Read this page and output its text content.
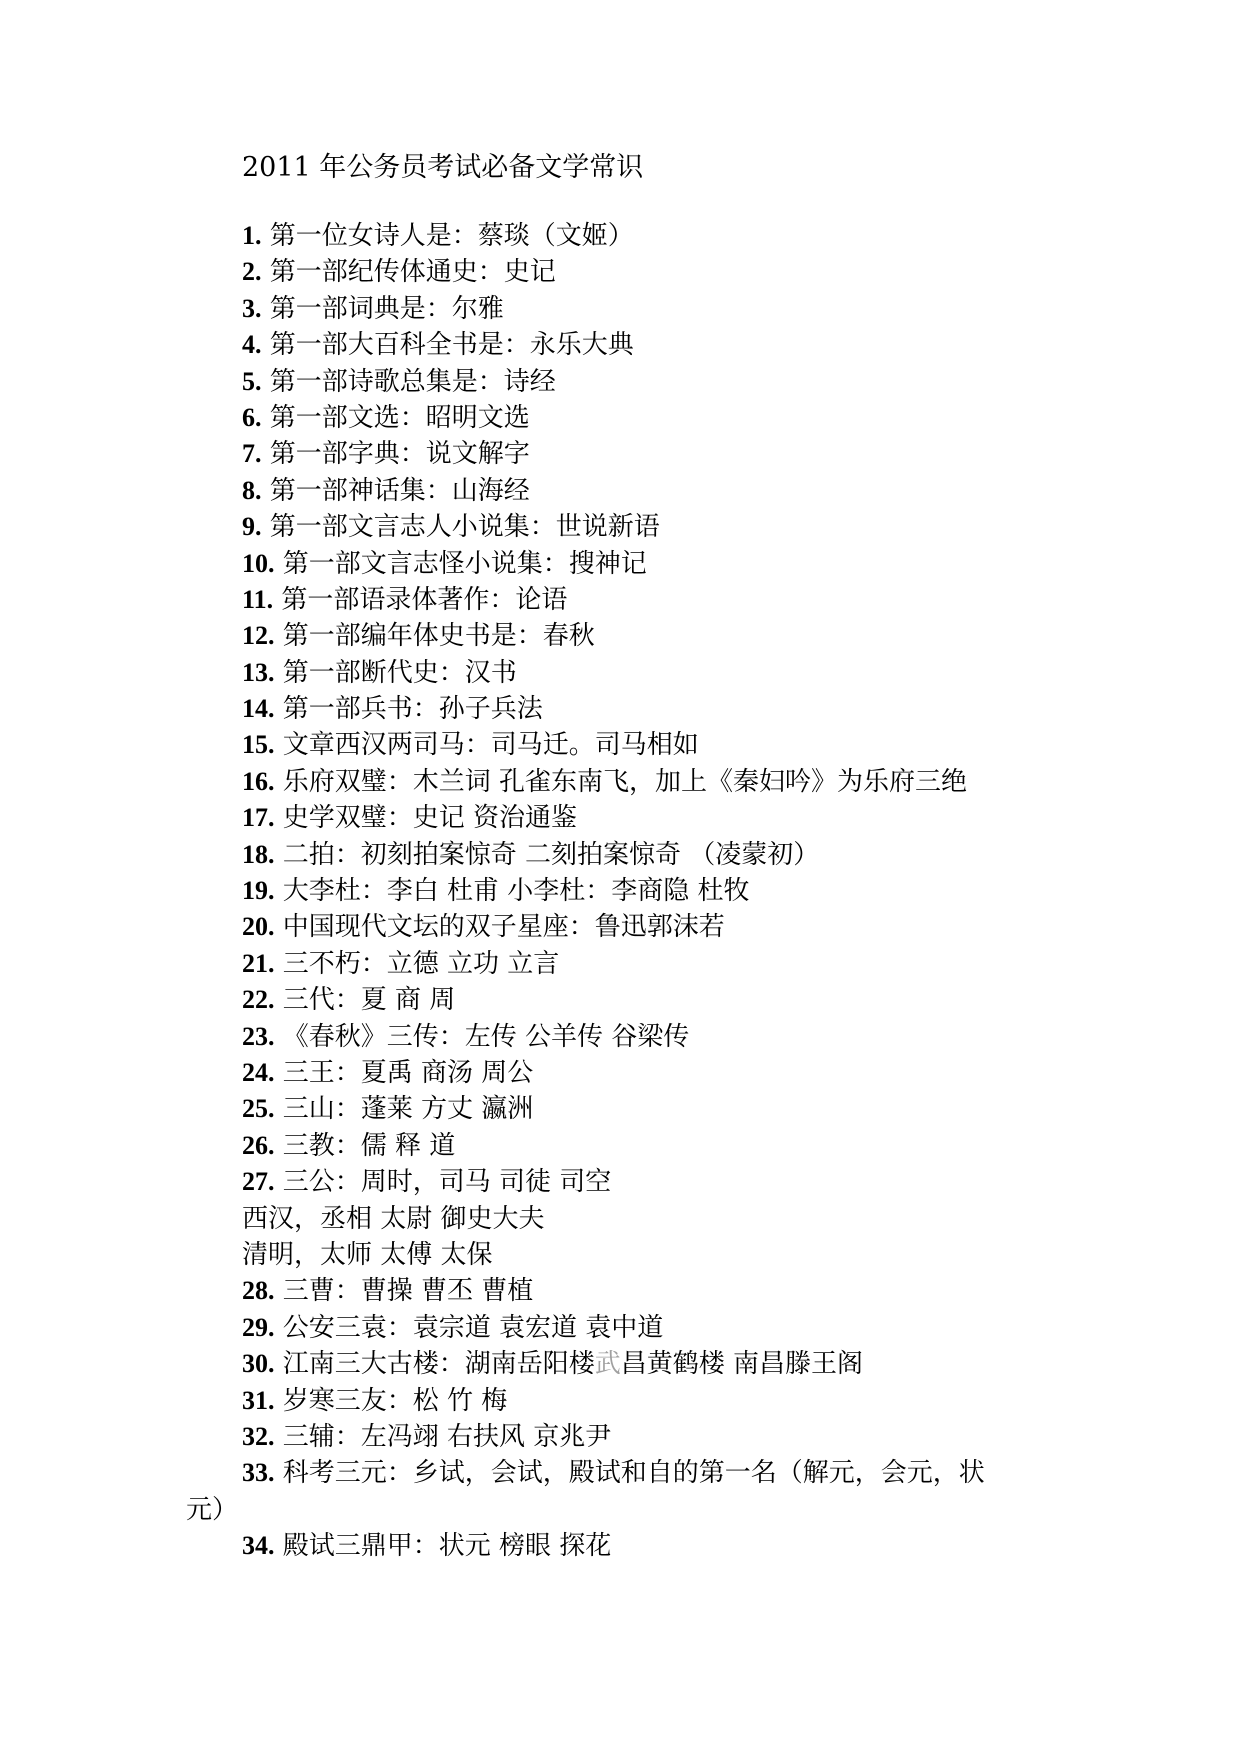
2011 年公务员考试必备文学常识
1. 第一位女诗人是：蔡琰（文姬）
2. 第一部纪传体通史：史记
3. 第一部词典是：尔雅
4. 第一部大百科全书是：永乐大典
5. 第一部诗歌总集是：诗经
6. 第一部文选：昭明文选
7. 第一部字典：说文解字
8. 第一部神话集：山海经
9. 第一部文言志人小说集：世说新语
10. 第一部文言志怪小说集：搜神记
11. 第一部语录体著作：论语
12. 第一部编年体史书是：春秋
13. 第一部断代史：汉书
14. 第一部兵书：孙子兵法
15. 文章西汉两司马：司马迁。司马相如
16. 乐府双璧：木兰词 孔雀东南飞，加上《秦妇吟》为乐府三绝
17. 史学双璧：史记 资治通鉴
18. 二拍：初刻拍案惊奇 二刻拍案惊奇 （凌蒙初）
19. 大李杜：李白 杜甫 小李杜：李商隐 杜牧
20. 中国现代文坛的双子星座：鲁迅郭沫若
21. 三不朽：立德 立功 立言
22. 三代：夏 商 周
23. 《春秋》三传：左传 公羊传 谷梁传
24. 三王：夏禹 商汤 周公
25. 三山：蓬莱 方丈 瀛洲
26. 三教：儒 释 道
27. 三公：周时，司马 司徒 司空
西汉，丞相 太尉 御史大夫
清明，太师 太傅 太保
28. 三曹：曹操 曹丕 曹植
29. 公安三袁：袁宗道 袁宏道 袁中道
30. 江南三大古楼：湖南岳阳楼武昌黄鹤楼 南昌滕王阁
31. 岁寒三友：松 竹 梅
32. 三辅：左冯翊 右扶风 京兆尹
33. 科考三元：乡试，会试，殿试和自的第一名（解元，会元，状
元）
34. 殿试三鼎甲：状元 榜眼 探花
